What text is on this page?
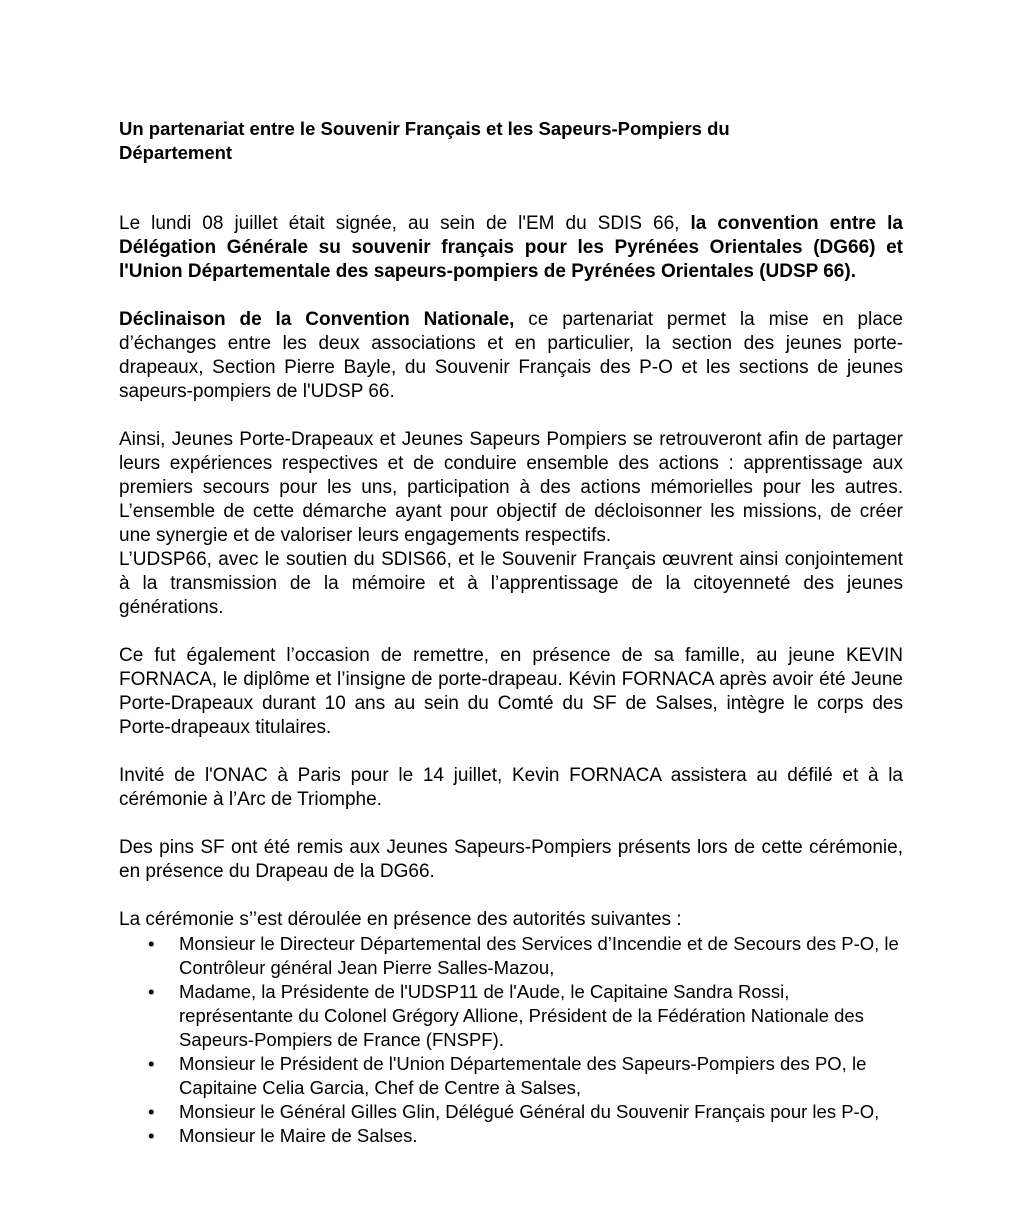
Un partenariat entre le Souvenir Français et les Sapeurs-Pompiers du Département

Le lundi 08 juillet était signée, au sein de l'EM du SDIS 66, la convention entre la Délégation Générale su souvenir français pour les Pyrénées Orientales (DG66) et l'Union Départementale des sapeurs-pompiers de Pyrénées Orientales (UDSP 66).

Déclinaison de la Convention Nationale, ce partenariat permet la mise en place d’échanges entre les deux associations et en particulier, la section des jeunes porte-drapeaux, Section Pierre Bayle, du Souvenir Français des P-O et les sections de jeunes sapeurs-pompiers de l'UDSP 66.

Ainsi, Jeunes Porte-Drapeaux et Jeunes Sapeurs Pompiers se retrouveront afin de partager leurs expériences respectives et de conduire ensemble des actions : apprentissage aux premiers secours pour les uns, participation à des actions mémorielles pour les autres. L’ensemble de cette démarche ayant pour objectif de décloisonner les missions, de créer une synergie et de valoriser leurs engagements respectifs.

L’UDSP66, avec le soutien du SDIS66, et le Souvenir Français œuvrent ainsi conjointement à la transmission de la mémoire et à l’apprentissage de la citoyenneté des jeunes générations.

Ce fut également l’occasion de remettre, en présence de sa famille, au jeune KEVIN FORNACA, le diplôme et l’insigne de porte-drapeau. Kévin FORNACA après avoir été Jeune Porte-Drapeaux durant 10 ans au sein du Comté du SF de Salses, intègre le corps des Porte-drapeaux titulaires.

Invité de l'ONAC à Paris pour le 14 juillet, Kevin FORNACA assistera au défilé et à la cérémonie à l’Arc de Triomphe.

Des pins SF ont été remis aux Jeunes Sapeurs-Pompiers présents lors de cette cérémonie, en présence du Drapeau de la DG66.

La cérémonie s’’est déroulée en présence des autorités suivantes :

• Monsieur le Directeur Départemental des Services d’Incendie et de Secours des P-O, le Contrôleur général Jean Pierre Salles-Mazou,
• Madame, la Présidente de l'UDSP11 de l'Aude, le Capitaine Sandra Rossi, représentante du Colonel Grégory Allione, Président de la Fédération Nationale des Sapeurs-Pompiers de France (FNSPF).
• Monsieur le Président de l'Union Départementale des Sapeurs-Pompiers des PO, le Capitaine Celia Garcia, Chef de Centre à Salses,
• Monsieur le Général Gilles Glin, Délégué Général du Souvenir Français pour les P-O,
• Monsieur le Maire de Salses.
